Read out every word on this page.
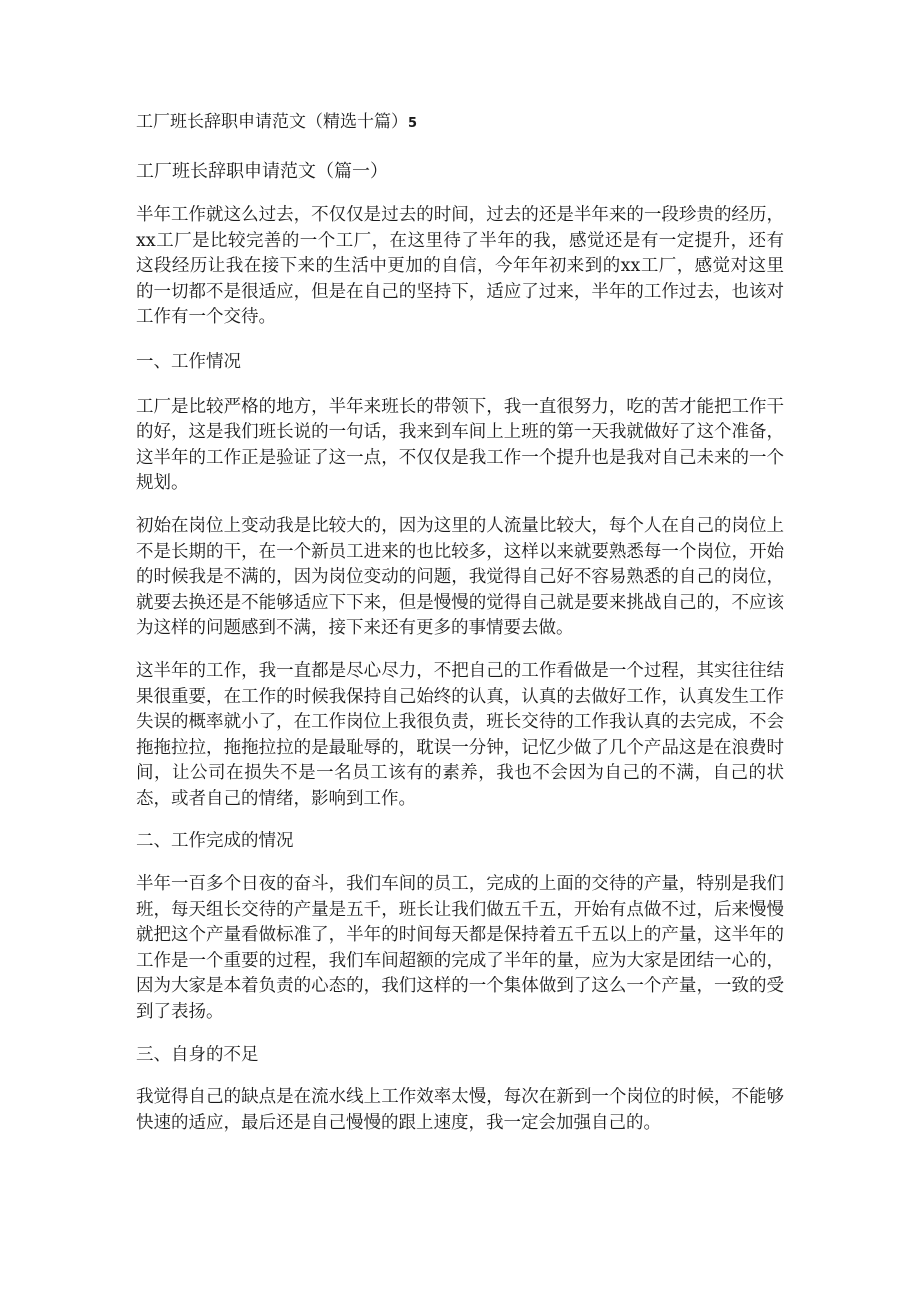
工厂班长辞职申请范文（精选十篇）5
工厂班长辞职申请范文（篇一）

半年工作就这么过去，不仅仅是过去的时间，过去的还是半年来的一段珍贵的经历，xx工厂是比较完善的一个工厂，在这里待了半年的我，感觉还是有一定提升，还有这段经历让我在接下来的生活中更加的自信，今年年初来到的xx工厂，感觉对这里的一切都不是很适应，但是在自己的坚持下，适应了过来，半年的工作过去，也该对工作有一个交待。

一、工作情况

工厂是比较严格的地方，半年来班长的带领下，我一直很努力，吃的苦才能把工作干的好，这是我们班长说的一句话，我来到车间上上班的第一天我就做好了这个准备，这半年的工作正是验证了这一点，不仅仅是我工作一个提升也是我对自己未来的一个规划。

初始在岗位上变动我是比较大的，因为这里的人流量比较大，每个人在自己的岗位上不是长期的干，在一个新员工进来的也比较多，这样以来就要熟悉每一个岗位，开始的时候我是不满的，因为岗位变动的问题，我觉得自己好不容易熟悉的自己的岗位，就要去换还是不能够适应下下来，但是慢慢的觉得自己就是要来挑战自己的，不应该为这样的问题感到不满，接下来还有更多的事情要去做。

这半年的工作，我一直都是尽心尽力，不把自己的工作看做是一个过程，其实往往结果很重要，在工作的时候我保持自己始终的认真，认真的去做好工作，认真发生工作失误的概率就小了，在工作岗位上我很负责，班长交待的工作我认真的去完成，不会拖拖拉拉，拖拖拉拉的是最耻辱的，耽误一分钟，记忆少做了几个产品这是在浪费时间，让公司在损失不是一名员工该有的素养，我也不会因为自己的不满，自己的状态，或者自己的情绪，影响到工作。

二、工作完成的情况

半年一百多个日夜的奋斗，我们车间的员工，完成的上面的交待的产量，特别是我们班，每天组长交待的产量是五千，班长让我们做五千五，开始有点做不过，后来慢慢就把这个产量看做标准了，半年的时间每天都是保持着五千五以上的产量，这半年的工作是一个重要的过程，我们车间超额的完成了半年的量，应为大家是团结一心的，因为大家是本着负责的心态的，我们这样的一个集体做到了这么一个产量，一致的受到了表扬。

三、自身的不足

我觉得自己的缺点是在流水线上工作效率太慢，每次在新到一个岗位的时候，不能够快速的适应，最后还是自己慢慢的跟上速度，我一定会加强自己的。
